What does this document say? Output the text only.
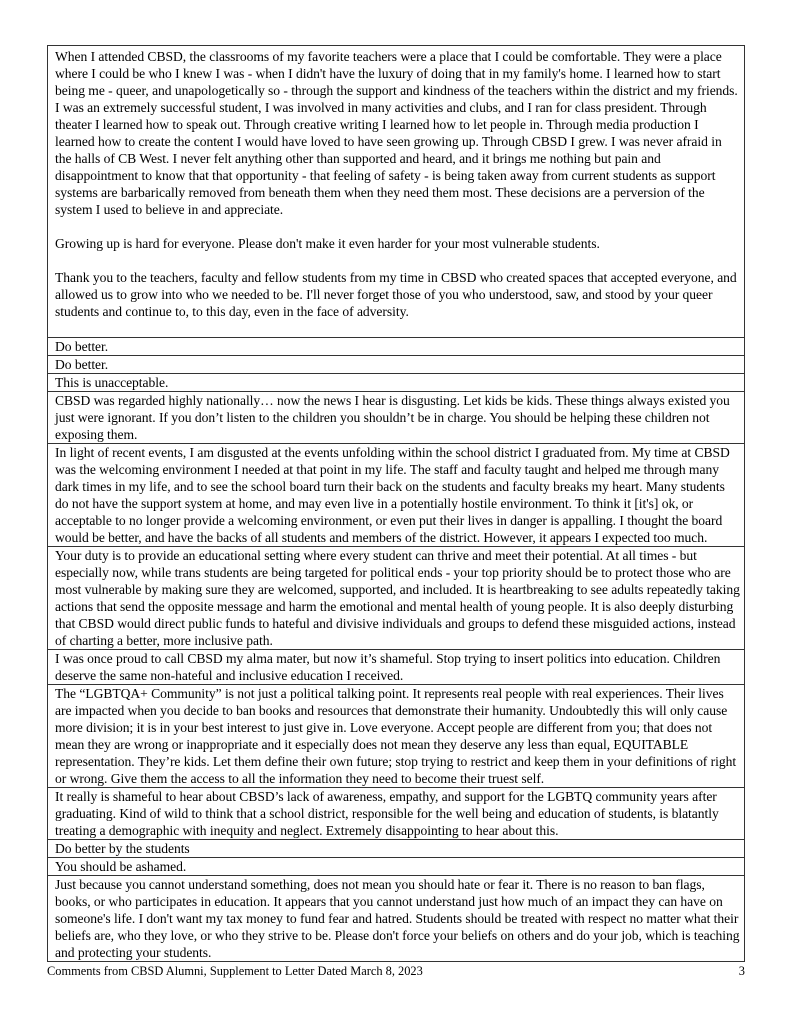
When I attended CBSD, the classrooms of my favorite teachers were a place that I could be comfortable. They were a place where I could be who I knew I was - when I didn't have the luxury of doing that in my family's home. I learned how to start being me - queer, and unapologetically so - through the support and kindness of the teachers within the district and my friends. I was an extremely successful student, I was involved in many activities and clubs, and I ran for class president. Through theater I learned how to speak out. Through creative writing I learned how to let people in. Through media production I learned how to create the content I would have loved to have seen growing up. Through CBSD I grew. I was never afraid in the halls of CB West. I never felt anything other than supported and heard, and it brings me nothing but pain and disappointment to know that that opportunity - that feeling of safety - is being taken away from current students as support systems are barbarically removed from beneath them when they need them most. These decisions are a perversion of the system I used to believe in and appreciate.

Growing up is hard for everyone. Please don't make it even harder for your most vulnerable students.

Thank you to the teachers, faculty and fellow students from my time in CBSD who created spaces that accepted everyone, and allowed us to grow into who we needed to be. I'll never forget those of you who understood, saw, and stood by your queer students and continue to, to this day, even in the face of adversity.

Do better.

Do better.

This is unacceptable.

CBSD was regarded highly nationally… now the news I hear is disgusting. Let kids be kids. These things always existed you just were ignorant. If you don’t listen to the children you shouldn’t be in charge. You should be helping these children not exposing them.

In light of recent events, I am disgusted at the events unfolding within the school district I graduated from. My time at CBSD was the welcoming environment I needed at that point in my life. The staff and faculty taught and helped me through many dark times in my life, and to see the school board turn their back on the students and faculty breaks my heart. Many students do not have the support system at home, and may even live in a potentially hostile environment. To think it [it's] ok, or acceptable to no longer provide a welcoming environment, or even put their lives in danger is appalling. I thought the board would be better, and have the backs of all students and members of the district. However, it appears I expected too much.

Your duty is to provide an educational setting where every student can thrive and meet their potential. At all times - but especially now, while trans students are being targeted for political ends - your top priority should be to protect those who are most vulnerable by making sure they are welcomed, supported, and included. It is heartbreaking to see adults repeatedly taking actions that send the opposite message and harm the emotional and mental health of young people. It is also deeply disturbing that CBSD would direct public funds to hateful and divisive individuals and groups to defend these misguided actions, instead of charting a better, more inclusive path.

I was once proud to call CBSD my alma mater, but now it’s shameful. Stop trying to insert politics into education. Children deserve the same non-hateful and inclusive education I received.

The “LGBTQA+ Community” is not just a political talking point. It represents real people with real experiences. Their lives are impacted when you decide to ban books and resources that demonstrate their humanity. Undoubtedly this will only cause more division; it is in your best interest to just give in. Love everyone. Accept people are different from you; that does not mean they are wrong or inappropriate and it especially does not mean they deserve any less than equal, EQUITABLE representation. They’re kids. Let them define their own future; stop trying to restrict and keep them in your definitions of right or wrong. Give them the access to all the information they need to become their truest self.

It really is shameful to hear about CBSD’s lack of awareness, empathy, and support for the LGBTQ community years after graduating. Kind of wild to think that a school district, responsible for the well being and education of students, is blatantly treating a demographic with inequity and neglect. Extremely disappointing to hear about this.

Do better by the students

You should be ashamed.

Just because you cannot understand something, does not mean you should hate or fear it. There is no reason to ban flags, books, or who participates in education. It appears that you cannot understand just how much of an impact they can have on someone's life. I don't want my tax money to fund fear and hatred. Students should be treated with respect no matter what their beliefs are, who they love, or who they strive to be. Please don't force your beliefs on others and do your job, which is teaching and protecting your students.

Comments from CBSD Alumni, Supplement to Letter Dated March 8, 2023	3
